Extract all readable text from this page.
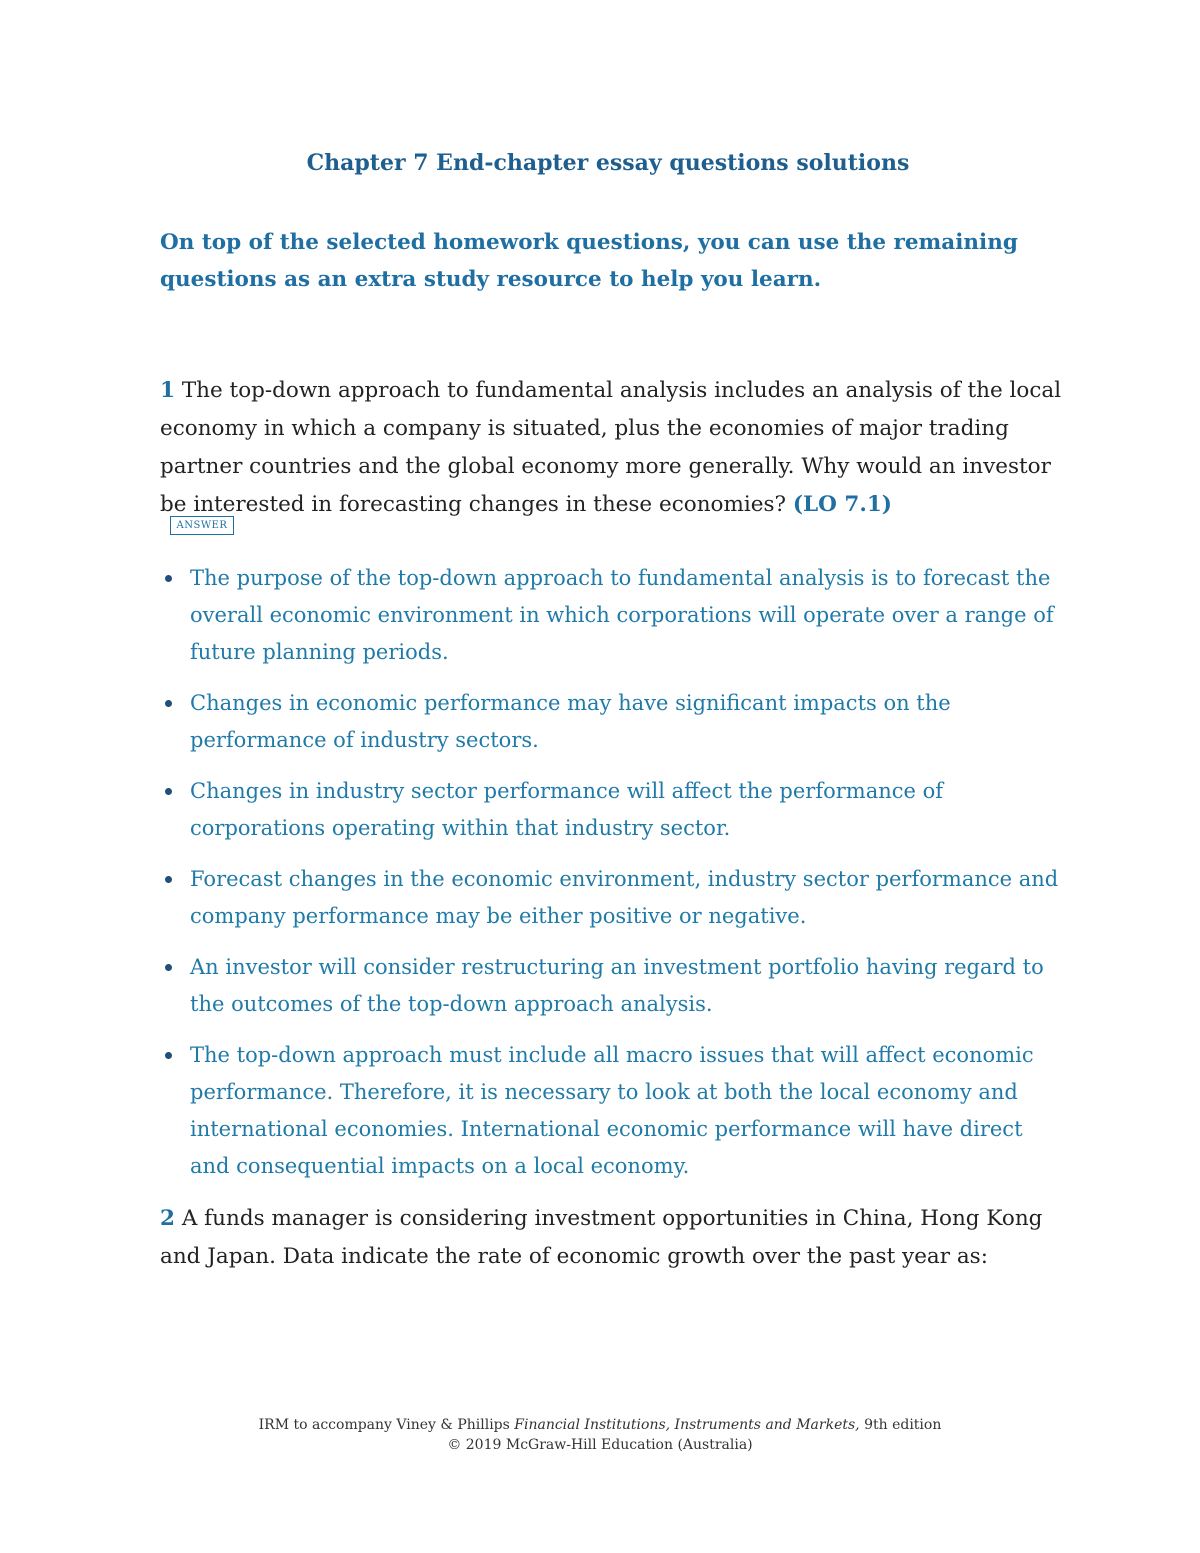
Chapter 7 End-chapter essay questions solutions
On top of the selected homework questions, you can use the remaining questions as an extra study resource to help you learn.
1 The top-down approach to fundamental analysis includes an analysis of the local economy in which a company is situated, plus the economies of major trading partner countries and the global economy more generally. Why would an investor be interested in forecasting changes in these economies? (LO 7.1)
ANSWER
The purpose of the top-down approach to fundamental analysis is to forecast the overall economic environment in which corporations will operate over a range of future planning periods.
Changes in economic performance may have significant impacts on the performance of industry sectors.
Changes in industry sector performance will affect the performance of corporations operating within that industry sector.
Forecast changes in the economic environment, industry sector performance and company performance may be either positive or negative.
An investor will consider restructuring an investment portfolio having regard to the outcomes of the top-down approach analysis.
The top-down approach must include all macro issues that will affect economic performance. Therefore, it is necessary to look at both the local economy and international economies. International economic performance will have direct and consequential impacts on a local economy.
2 A funds manager is considering investment opportunities in China, Hong Kong and Japan. Data indicate the rate of economic growth over the past year as:
IRM to accompany Viney & Phillips Financial Institutions, Instruments and Markets, 9th edition
© 2019 McGraw-Hill Education (Australia)
